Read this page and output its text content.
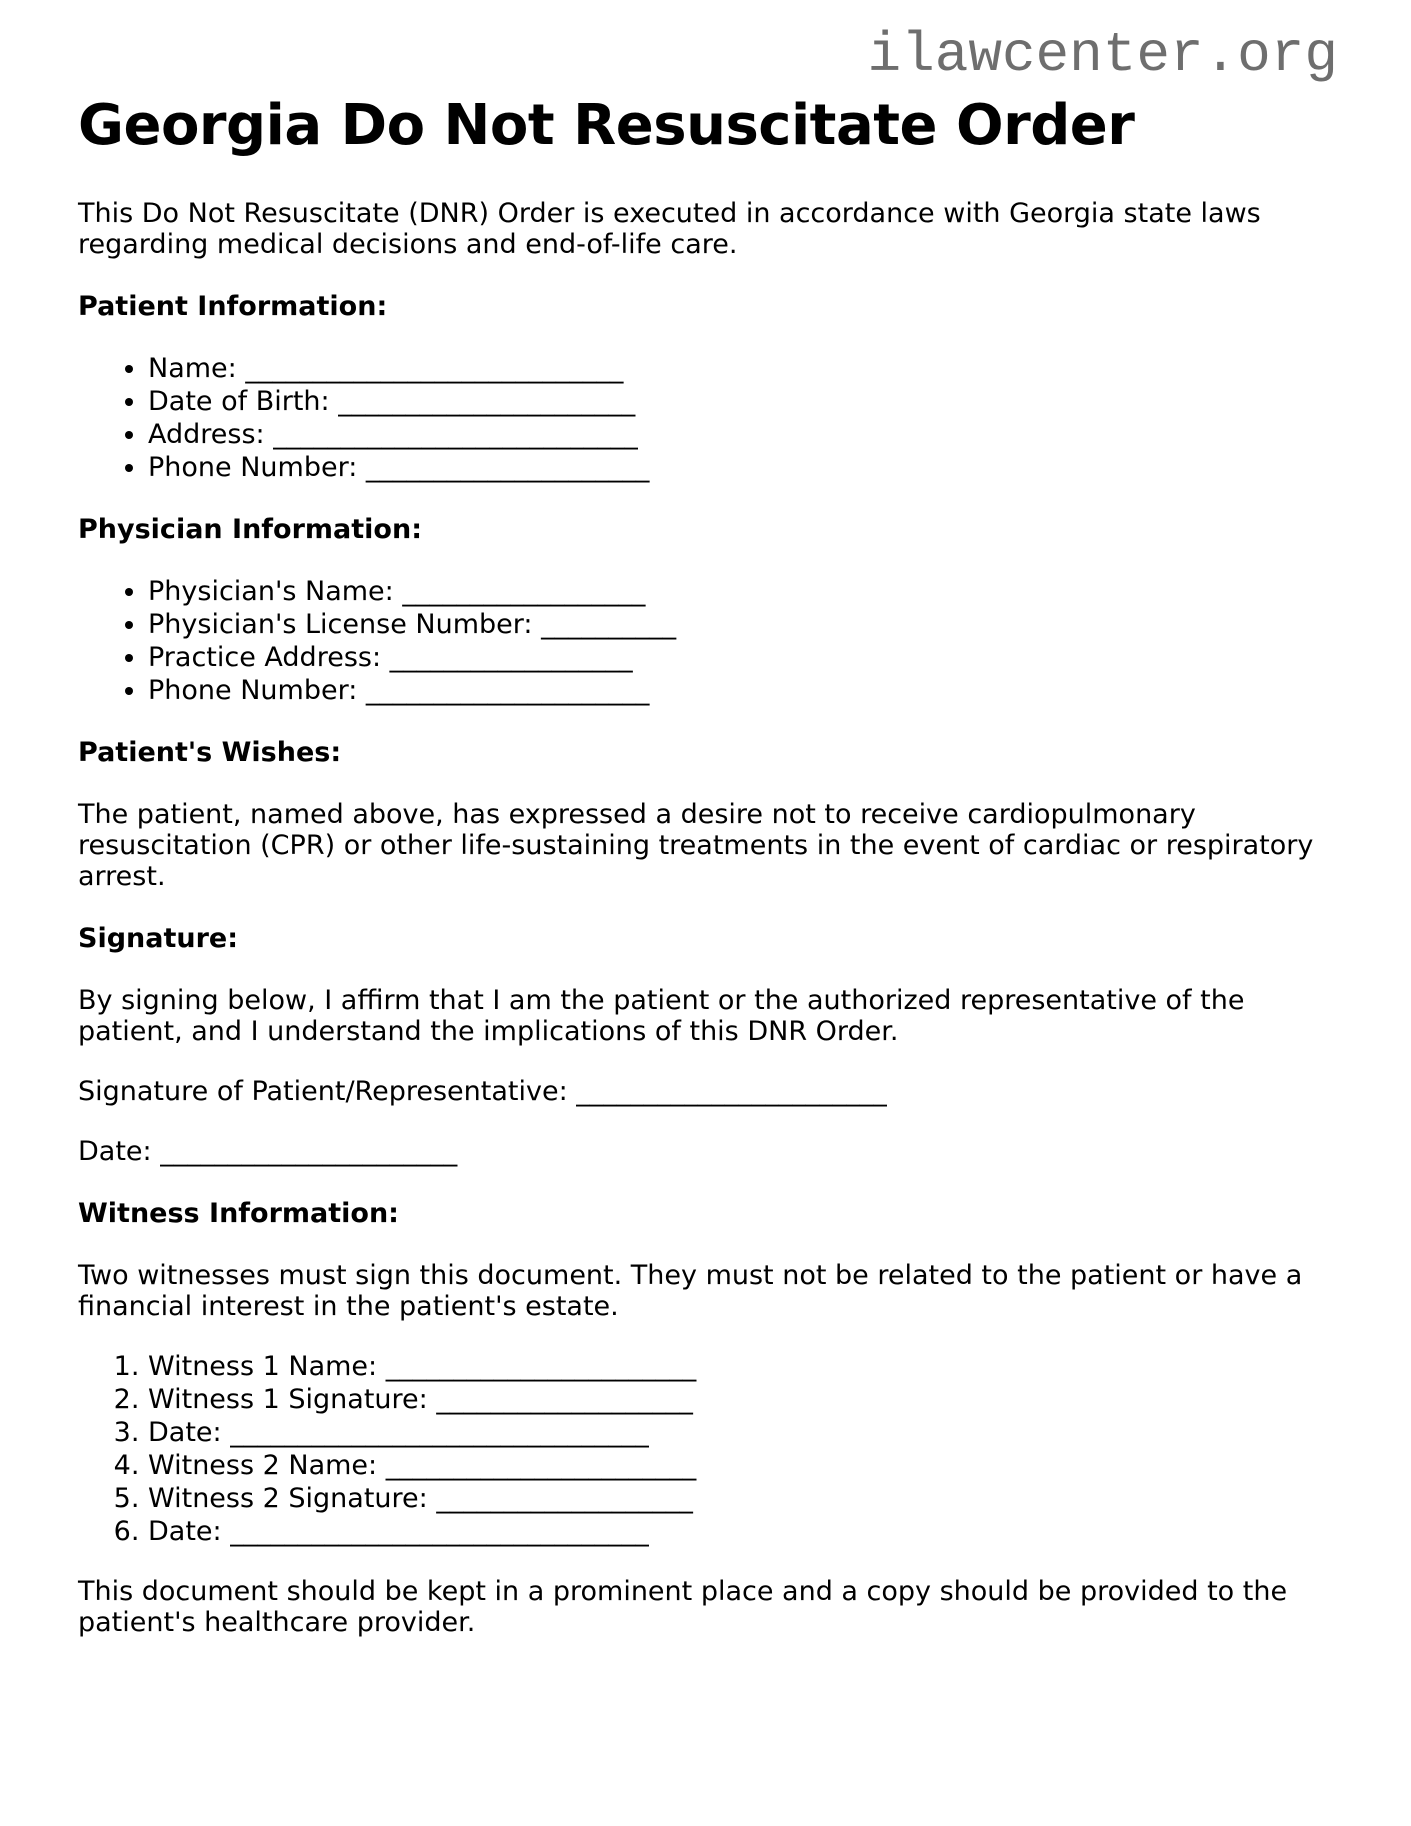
ilawcenter.org

Georgia Do Not Resuscitate Order

This Do Not Resuscitate (DNR) Order is executed in accordance with Georgia state laws regarding medical decisions and end-of-life care.

Patient Information:

• Name: ____________________________
• Date of Birth: ______________________
• Address: ___________________________
• Phone Number: _____________________

Physician Information:

• Physician's Name: __________________
• Physician's License Number: __________
• Practice Address: __________________
• Phone Number: _____________________

Patient's Wishes:

The patient, named above, has expressed a desire not to receive cardiopulmonary resuscitation (CPR) or other life-sustaining treatments in the event of cardiac or respiratory arrest.

Signature:

By signing below, I affirm that I am the patient or the authorized representative of the patient, and I understand the implications of this DNR Order.

Signature of Patient/Representative: _______________________

Date: ______________________

Witness Information:

Two witnesses must sign this document. They must not be related to the patient or have a financial interest in the patient's estate.

1. Witness 1 Name: _______________________
2. Witness 1 Signature: ___________________
3. Date: _______________________________
4. Witness 2 Name: _______________________
5. Witness 2 Signature: ___________________
6. Date: _______________________________

This document should be kept in a prominent place and a copy should be provided to the patient's healthcare provider.
